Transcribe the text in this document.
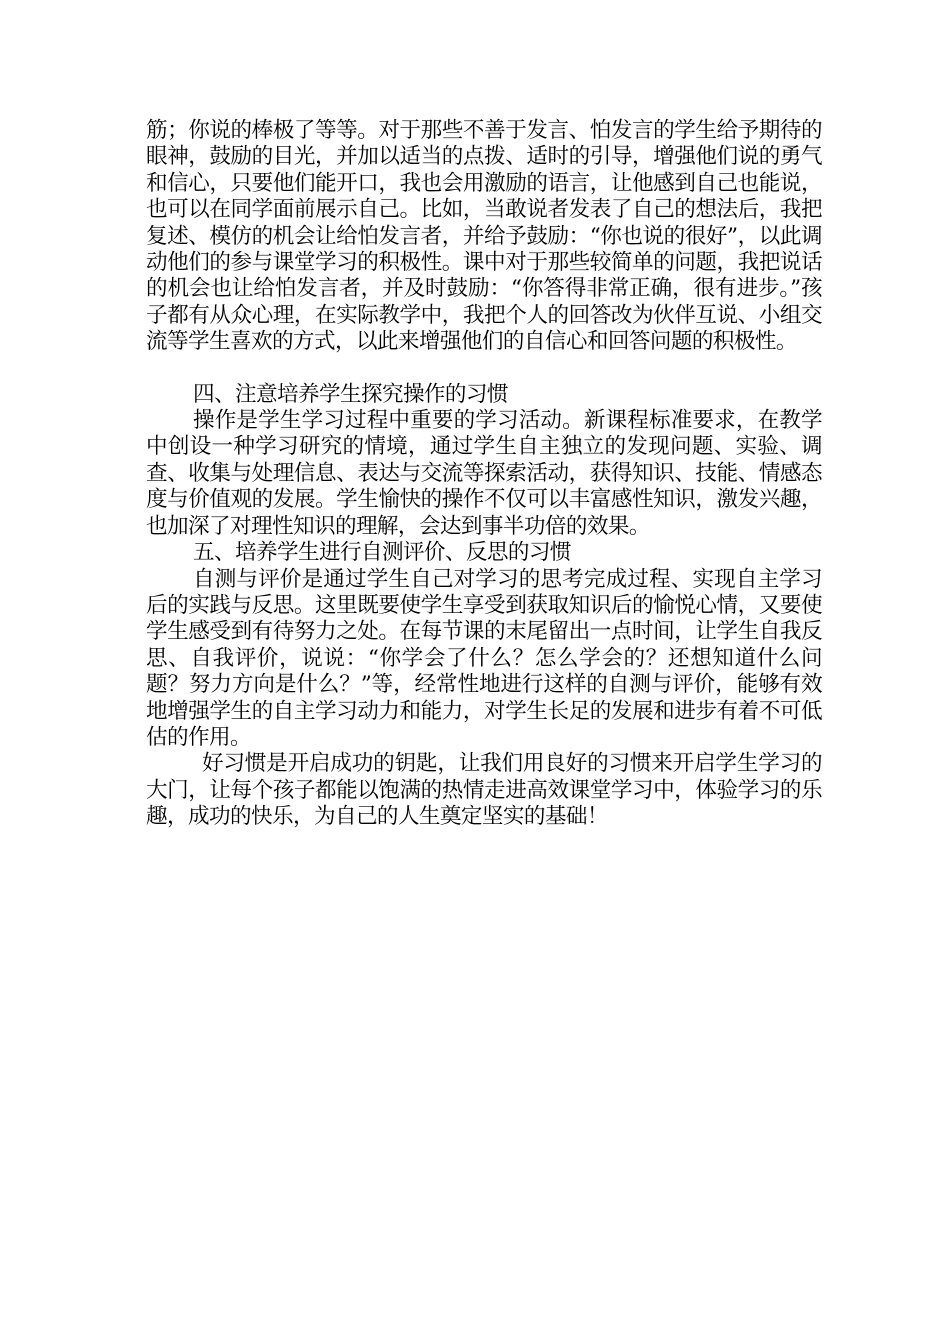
筋；你说的棒极了等等。对于那些不善于发言、怕发言的学生给予期待的眼神，鼓励的目光，并加以适当的点拨、适时的引导，增强他们说的勇气和信心，只要他们能开口，我也会用激励的语言，让他感到自己也能说，也可以在同学面前展示自己。比如，当敢说者发表了自己的想法后，我把复述、模仿的机会让给怕发言者，并给予鼓励：“你也说的很好”，以此调动他们的参与课堂学习的积极性。课中对于那些较简单的问题，我把说话的机会也让给怕发言者，并及时鼓励：“你答得非常正确，很有进步。”孩子都有从众心理，在实际教学中，我把个人的回答改为伙伴互说、小组交流等学生喜欢的方式，以此来增强他们的自信心和回答问题的积极性。

四、注意培养学生探究操作的习惯

操作是学生学习过程中重要的学习活动。新课程标准要求，在教学中创设一种学习研究的情境，通过学生自主独立的发现问题、实验、调查、收集与处理信息、表达与交流等探索活动，获得知识、技能、情感态度与价值观的发展。学生愉快的操作不仅可以丰富感性知识，激发兴趣，也加深了对理性知识的理解，会达到事半功倍的效果。

五、培养学生进行自测评价、反思的习惯

自测与评价是通过学生自己对学习的思考完成过程、实现自主学习后的实践与反思。这里既要使学生享受到获取知识后的愉悦心情，又要使学生感受到有待努力之处。在每节课的末尾留出一点时间，让学生自我反思、自我评价，说说：“你学会了什么？怎么学会的？还想知道什么问题？努力方向是什么？”等，经常性地进行这样的自测与评价，能够有效地增强学生的自主学习动力和能力，对学生长足的发展和进步有着不可低估的作用。

好习惯是开启成功的钥匙，让我们用良好的习惯来开启学生学习的大门，让每个孩子都能以饱满的热情走进高效课堂学习中，体验学习的乐趣，成功的快乐，为自己的人生奠定坚实的基础！
